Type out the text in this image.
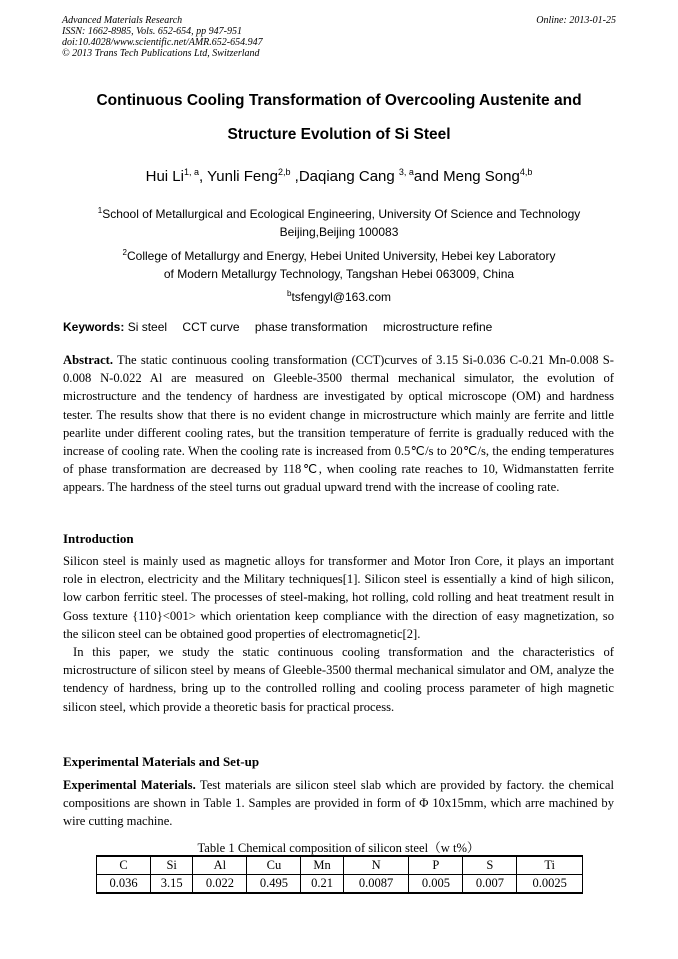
Advanced Materials Research
ISSN: 1662-8985, Vols. 652-654, pp 947-951
doi:10.4028/www.scientific.net/AMR.652-654.947
© 2013 Trans Tech Publications Ltd, Switzerland
Online: 2013-01-25
Continuous Cooling Transformation of Overcooling Austenite and
Structure Evolution of Si Steel
Hui Li$^{1, a}$, Yunli Feng$^{2,b}$ ,Daqiang Cang $^{3, a}$and Meng Song$^{4,b}$
$^1$School of Metallurgical and Ecological Engineering, University Of Science and Technology
Beijing,Beijing 100083
$^2$College of Metallurgy and Energy, Hebei United University, Hebei key Laboratory
of Modern Metallurgy Technology, Tangshan Hebei 063009, China
$^b$tsfengyl@163.com
Keywords: Si steel CCT curve phase transformation microstructure refine
Abstract. The static continuous cooling transformation (CCT)curves of 3.15 Si-0.036 C-0.21 Mn-0.008 S-0.008 N-0.022 Al are measured on Gleeble-3500 thermal mechanical simulator, the evolution of microstructure and the tendency of hardness are investigated by optical microscope (OM) and hardness tester. The results show that there is no evident change in microstructure which mainly are ferrite and little pearlite under different cooling rates, but the transition temperature of ferrite is gradually reduced with the increase of cooling rate. When the cooling rate is increased from 0.5℃/s to 20℃/s, the ending temperatures of phase transformation are decreased by 118℃, when cooling rate reaches to 10, Widmanstatten ferrite appears. The hardness of the steel turns out gradual upward trend with the increase of cooling rate.
Introduction
Silicon steel is mainly used as magnetic alloys for transformer and Motor Iron Core, it plays an important role in electron, electricity and the Military techniques[1]. Silicon steel is essentially a kind of high silicon, low carbon ferritic steel. The processes of steel-making, hot rolling, cold rolling and heat treatment result in Goss texture {110}<001> which orientation keep compliance with the direction of easy magnetization, so the silicon steel can be obtained good properties of electromagnetic[2].
In this paper, we study the static continuous cooling transformation and the characteristics of microstructure of silicon steel by means of Gleeble-3500 thermal mechanical simulator and OM, analyze the tendency of hardness, bring up to the controlled rolling and cooling process parameter of high magnetic silicon steel, which provide a theoretic basis for practical process.
Experimental Materials and Set-up
Experimental Materials. Test materials are silicon steel slab which are provided by factory. the chemical compositions are shown in Table 1. Samples are provided in form of Φ 10x15mm, which arre machined by wire cutting machine.
Table 1 Chemical composition of silicon steel（w t%）
C	Si	Al	Cu	Mn	N	P	S	Ti
0.036	3.15	0.022	0.495	0.21	0.0087	0.005	0.007	0.0025
